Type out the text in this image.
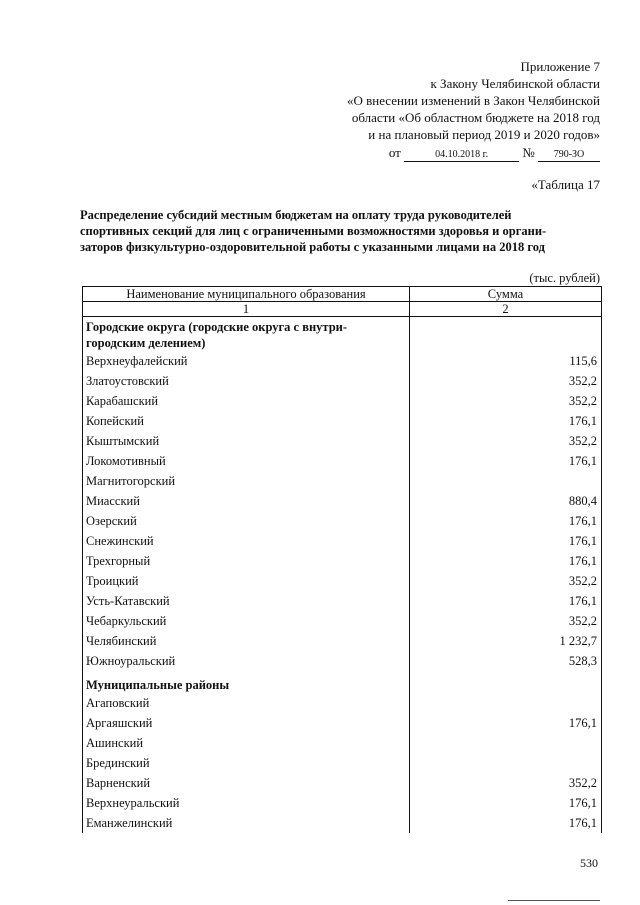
Приложение 7
к Закону Челябинской области
«О внесении изменений в Закон Челябинской
области «Об областном бюджете на 2018 год
и на плановый период 2019 и 2020 годов»
от	04.10.2018 г.	№ 790-ЗО
«Таблица 17
Распределение субсидий местным бюджетам на оплату труда руководителей
спортивных секций для лиц с ограниченными возможностями здоровья и органи-
заторов физкультурно-оздоровительной работы с указанными лицами на 2018 год
(тыс. рублей)
Наименование муниципального образования	Сумма
1	2

Городские округа (городские округа с внутри-
городским делением)	

Верхнеуфалейский	115,6
Златоустовский	352,2
Карабашский	352,2
Копейский	176,1
Кыштымский	352,2
Локомотивный	176,1
Магнитогорский	
Миасский	880,4
Озерский	176,1
Снежинский	176,1
Трехгорный	176,1
Троицкий	352,2
Усть-Катавский	176,1
Чебаркульский	352,2
Челябинский	1 232,7
Южноуральский	528,3

Муниципальные районы	

Агаповский	
Аргаяшский	176,1
Ашинский	
Брединский	
Варненский	352,2
Верхнеуральский	176,1
Еманжелинский	176,1
530
